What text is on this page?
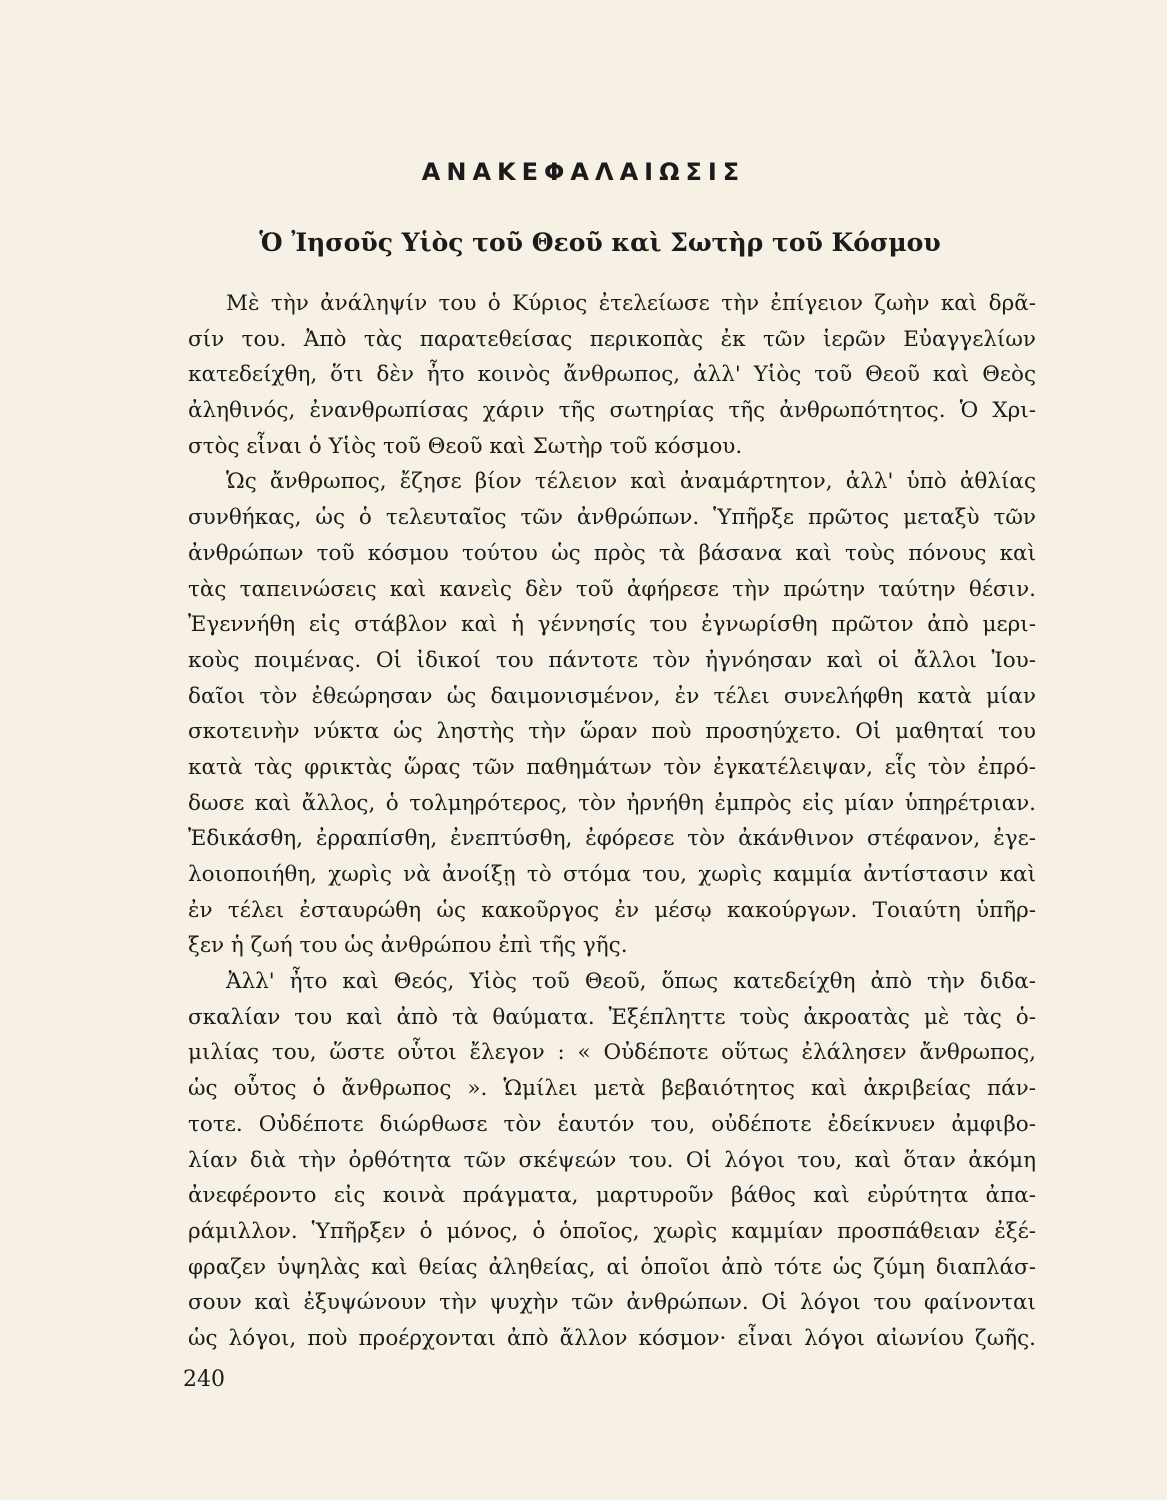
ΑΝΑΚΕΦΑΛΑΙΩΣΙΣ
Ὁ Ἰησοῦς Υἱὸς τοῦ Θεοῦ καὶ Σωτὴρ τοῦ Κόσμου
Μὲ τὴν ἀνάληψίν του ὁ Κύριος ἐτελείωσε τὴν ἐπίγειον ζωὴν καὶ δρᾶ-
σίν του. Ἀπὸ τὰς παρατεθείσας περικοπὰς ἐκ τῶν ἱερῶν Εὐαγγελίων
κατεδείχθη, ὅτι δὲν ἦτο κοινὸς ἄνθρωπος, ἀλλ' Υἱὸς τοῦ Θεοῦ καὶ Θεὸς
ἀληθινός, ἐνανθρωπίσας χάριν τῆς σωτηρίας τῆς ἀνθρωπότητος. Ὁ Χρι-
στὸς εἶναι ὁ Υἱὸς τοῦ Θεοῦ καὶ Σωτὴρ τοῦ κόσμου.
Ὡς ἄνθρωπος, ἔζησε βίον τέλειον καὶ ἀναμάρτητον, ἀλλ' ὑπὸ ἀθλίας
συνθήκας, ὡς ὁ τελευταῖος τῶν ἀνθρώπων. Ὑπῆρξε πρῶτος μεταξὺ τῶν
ἀνθρώπων τοῦ κόσμου τούτου ὡς πρὸς τὰ βάσανα καὶ τοὺς πόνους καὶ
τὰς ταπεινώσεις καὶ κανεὶς δὲν τοῦ ἀφήρεσε τὴν πρώτην ταύτην θέσιν.
Ἐγεννήθη εἰς στάβλον καὶ ἡ γέννησίς του ἐγνωρίσθη πρῶτον ἀπὸ μερι-
κοὺς ποιμένας. Οἱ ἰδικοί του πάντοτε τὸν ἠγνόησαν καὶ οἱ ἄλλοι Ἰου-
δαῖοι τὸν ἐθεώρησαν ὡς δαιμονισμένον, ἐν τέλει συνελήφθη κατὰ μίαν
σκοτεινὴν νύκτα ὡς ληστὴς τὴν ὥραν ποὺ προσηύχετο. Οἱ μαθηταί του
κατὰ τὰς φρικτὰς ὥρας τῶν παθημάτων τὸν ἐγκατέλειψαν, εἷς τὸν ἐπρό-
δωσε καὶ ἄλλος, ὁ τολμηρότερος, τὸν ἠρνήθη ἐμπρὸς εἰς μίαν ὑπηρέτριαν.
Ἐδικάσθη, ἐρραπίσθη, ἐνεπτύσθη, ἐφόρεσε τὸν ἀκάνθινον στέφανον, ἐγε-
λοιοποιήθη, χωρὶς νὰ ἀνοίξῃ τὸ στόμα του, χωρὶς καμμία ἀντίστασιν καὶ
ἐν τέλει ἐσταυρώθη ὡς κακοῦργος ἐν μέσῳ κακούργων. Τοιαύτη ὑπῆρ-
ξεν ἡ ζωή του ὡς ἀνθρώπου ἐπὶ τῆς γῆς.
Ἀλλ' ἦτο καὶ Θεός, Υἱὸς τοῦ Θεοῦ, ὅπως κατεδείχθη ἀπὸ τὴν διδα-
σκαλίαν του καὶ ἀπὸ τὰ θαύματα. Ἐξέπληττε τοὺς ἀκροατὰς μὲ τὰς ὁ-
μιλίας του, ὥστε οὗτοι ἔλεγον : « Οὐδέποτε οὕτως ἐλάλησεν ἄνθρωπος,
ὡς οὗτος ὁ ἄνθρωπος ». Ὡμίλει μετὰ βεβαιότητος καὶ ἀκριβείας πάν-
τοτε. Οὐδέποτε διώρθωσε τὸν ἑαυτόν του, οὐδέποτε ἐδείκνυεν ἀμφιβο-
λίαν διὰ τὴν ὀρθότητα τῶν σκέψεών του. Οἱ λόγοι του, καὶ ὅταν ἀκόμη
ἀνεφέροντο εἰς κοινὰ πράγματα, μαρτυροῦν βάθος καὶ εὐρύτητα ἀπα-
ράμιλλον. Ὑπῆρξεν ὁ μόνος, ὁ ὁποῖος, χωρὶς καμμίαν προσπάθειαν ἐξέ-
φραζεν ὑψηλὰς καὶ θείας ἀληθείας, αἱ ὁποῖοι ἀπὸ τότε ὡς ζύμη διαπλάσ-
σουν καὶ ἐξυψώνουν τὴν ψυχὴν τῶν ἀνθρώπων. Οἱ λόγοι του φαίνονται
ὡς λόγοι, ποὺ προέρχονται ἀπὸ ἄλλον κόσμον· εἶναι λόγοι αἰωνίου ζωῆς.
240
